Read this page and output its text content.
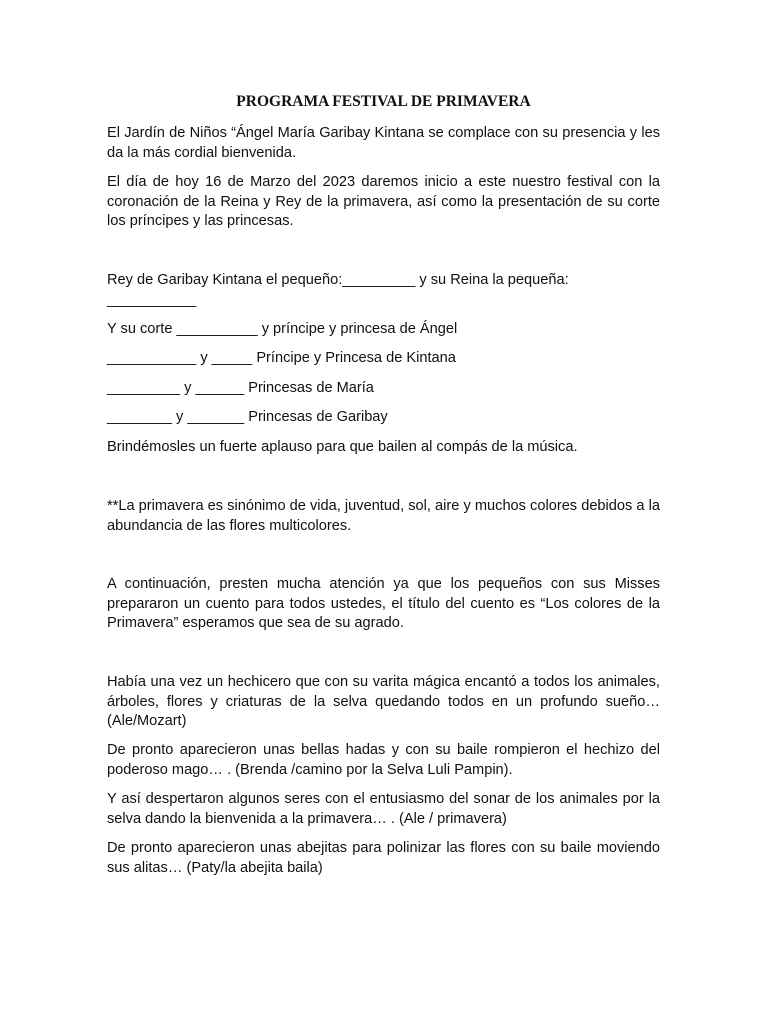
PROGRAMA FESTIVAL DE PRIMAVERA

El Jardín de Niños “Ángel María Garibay Kintana se complace con su presencia y les da la más cordial bienvenida.

El día de hoy 16 de Marzo del 2023 daremos inicio a este nuestro festival con la coronación de la Reina y Rey de la primavera, así como la presentación de su corte los príncipes y las princesas.

Rey de Garibay Kintana el pequeño:_________ y su Reina la pequeña: ___________

Y su corte __________ y príncipe y princesa de Ángel

___________ y _____ Príncipe y Princesa de Kintana

_________ y ______ Princesas de María

________ y _______ Princesas de Garibay

Brindémosles un fuerte aplauso para que bailen al compás de la música.

**La primavera es sinónimo de vida, juventud, sol, aire y muchos colores debidos a la abundancia de las flores multicolores.

A continuación, presten mucha atención ya que los pequeños con sus Misses prepararon un cuento para todos ustedes, el título del cuento es “Los colores de la Primavera” esperamos que sea de su agrado.

Había una vez un hechicero que con su varita mágica encantó a todos los animales, árboles, flores y criaturas de la selva quedando todos en un profundo sueño… (Ale/Mozart)

De pronto aparecieron unas bellas hadas y con su baile rompieron el hechizo del poderoso mago… . (Brenda /camino por la Selva Luli Pampin).

Y así despertaron algunos seres con el entusiasmo del sonar de los animales por la selva dando la bienvenida a la primavera… . (Ale / primavera)

De pronto aparecieron unas abejitas para polinizar las flores con su baile moviendo sus alitas… (Paty/la abejita baila)
